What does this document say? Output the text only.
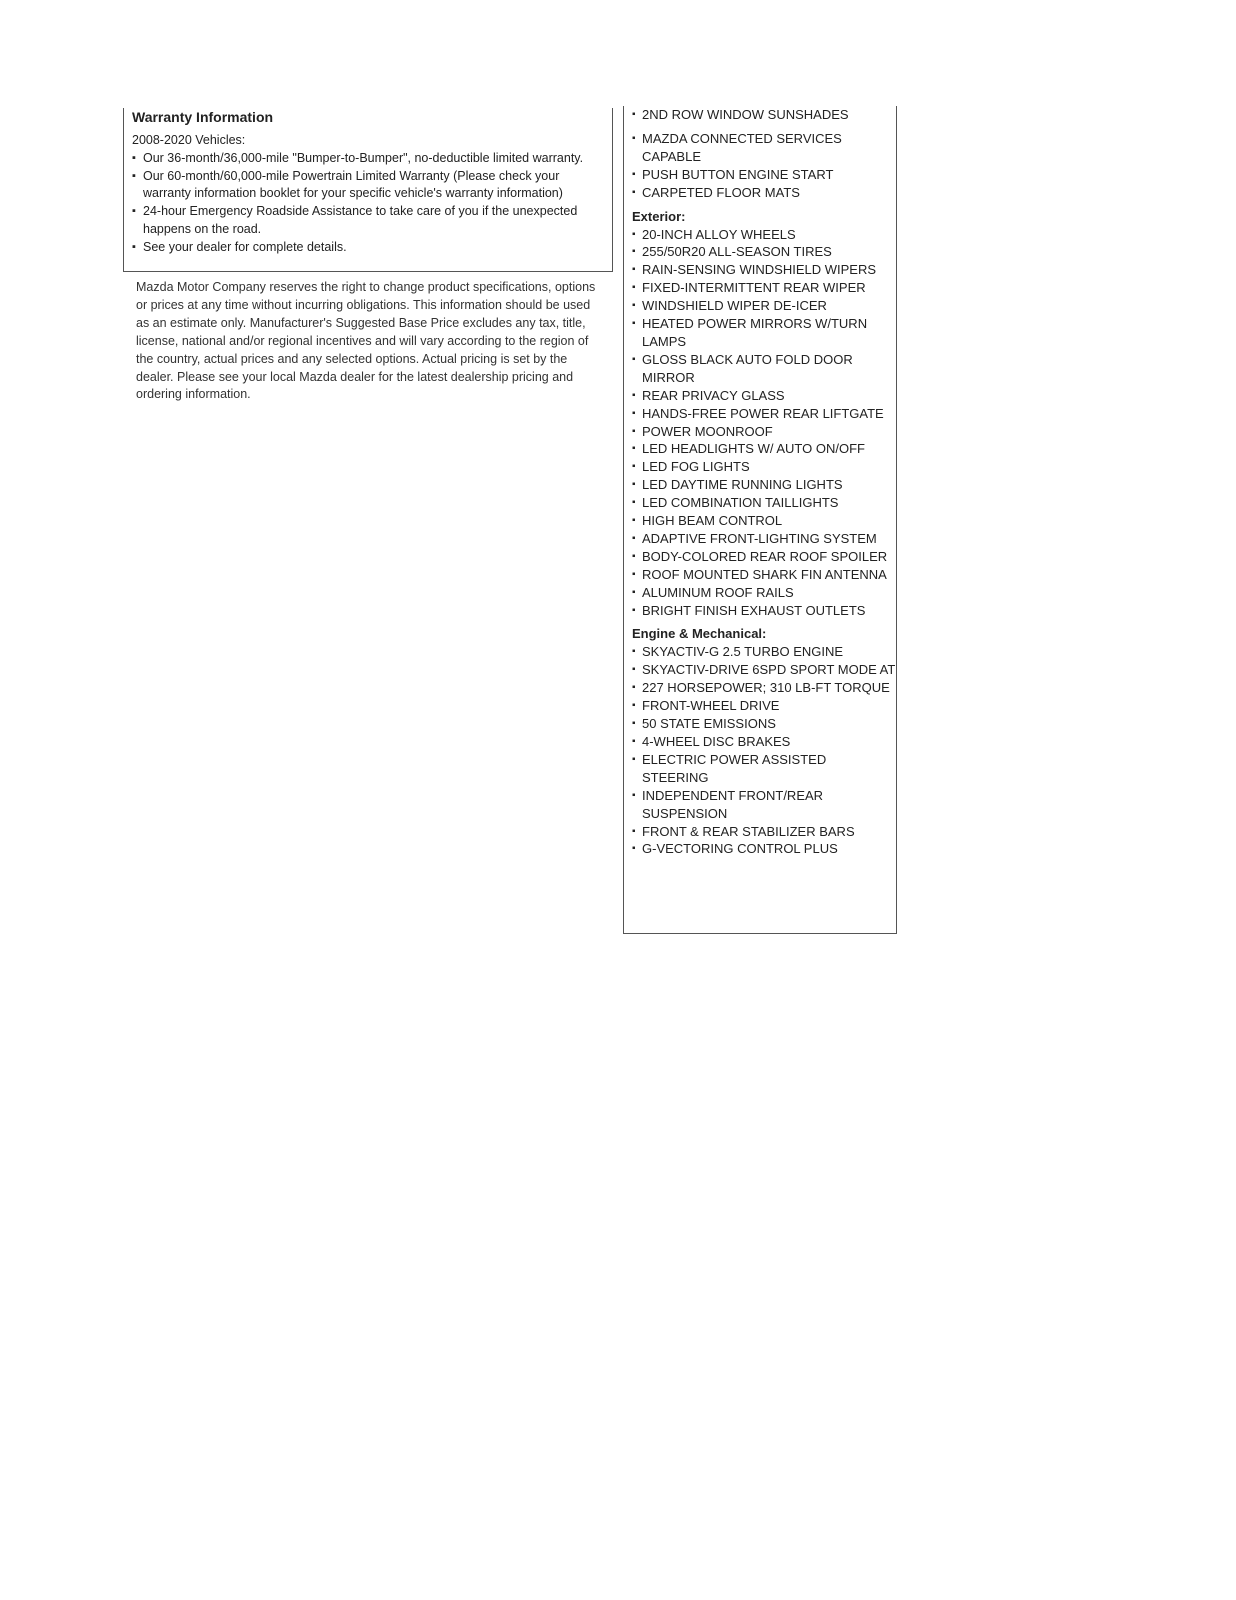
Warranty Information
2008-2020 Vehicles:
▪ Our 36-month/36,000-mile "Bumper-to-Bumper", no-deductible limited warranty.
▪ Our 60-month/60,000-mile Powertrain Limited Warranty (Please check your warranty information booklet for your specific vehicle's warranty information)
▪ 24-hour Emergency Roadside Assistance to take care of you if the unexpected happens on the road.
▪ See your dealer for complete details.
Mazda Motor Company reserves the right to change product specifications, options or prices at any time without incurring obligations. This information should be used as an estimate only. Manufacturer's Suggested Base Price excludes any tax, title, license, national and/or regional incentives and will vary according to the region of the country, actual prices and any selected options. Actual pricing is set by the dealer. Please see your local Mazda dealer for the latest dealership pricing and ordering information.
▪ 2ND ROW WINDOW SUNSHADES
▪ MAZDA CONNECTED SERVICES CAPABLE
▪ PUSH BUTTON ENGINE START
▪ CARPETED FLOOR MATS
Exterior:
▪ 20-INCH ALLOY WHEELS
▪ 255/50R20 ALL-SEASON TIRES
▪ RAIN-SENSING WINDSHIELD WIPERS
▪ FIXED-INTERMITTENT REAR WIPER
▪ WINDSHIELD WIPER DE-ICER
▪ HEATED POWER MIRRORS W/TURN LAMPS
▪ GLOSS BLACK AUTO FOLD DOOR MIRROR
▪ REAR PRIVACY GLASS
▪ HANDS-FREE POWER REAR LIFTGATE
▪ POWER MOONROOF
▪ LED HEADLIGHTS W/ AUTO ON/OFF
▪ LED FOG LIGHTS
▪ LED DAYTIME RUNNING LIGHTS
▪ LED COMBINATION TAILLIGHTS
▪ HIGH BEAM CONTROL
▪ ADAPTIVE FRONT-LIGHTING SYSTEM
▪ BODY-COLORED REAR ROOF SPOILER
▪ ROOF MOUNTED SHARK FIN ANTENNA
▪ ALUMINUM ROOF RAILS
▪ BRIGHT FINISH EXHAUST OUTLETS
Engine & Mechanical:
▪ SKYACTIV-G 2.5 TURBO ENGINE
▪ SKYACTIV-DRIVE 6SPD SPORT MODE AT
▪ 227 HORSEPOWER; 310 LB-FT TORQUE
▪ FRONT-WHEEL DRIVE
▪ 50 STATE EMISSIONS
▪ 4-WHEEL DISC BRAKES
▪ ELECTRIC POWER ASSISTED STEERING
▪ INDEPENDENT FRONT/REAR SUSPENSION
▪ FRONT & REAR STABILIZER BARS
▪ G-VECTORING CONTROL PLUS
